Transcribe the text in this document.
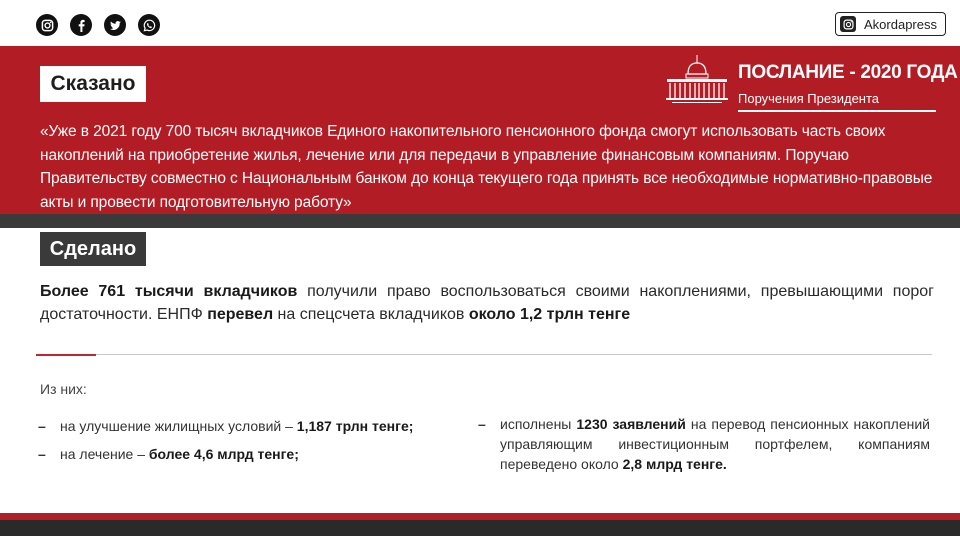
Akordapress
Сказано	ПОСЛАНИЕ - 2020 ГОДА
Поручения Президента

«Уже в 2021 году 700 тысяч вкладчиков Единого накопительного пенсионного фонда смогут использовать часть своих накоплений на приобретение жилья, лечение или для передачи в управление финансовым компаниям. Поручаю Правительству совместно с Национальным банком до конца текущего года принять все необходимые нормативно-правовые акты и провести подготовительную работу»

Сделано

Более 761 тысячи вкладчиков получили право воспользоваться своими накоплениями, превышающими порог достаточности. ЕНПФ перевел на спецсчета вкладчиков около 1,2 трлн тенге

Из них:
–	на улучшение жилищных условий – 1,187 трлн тенге;
–	на лечение – более 4,6 млрд тенге;
–	исполнены 1230 заявлений на перевод пенсионных накоплений управляющим инвестиционным портфелем, компаниям переведено около 2,8 млрд тенге.
